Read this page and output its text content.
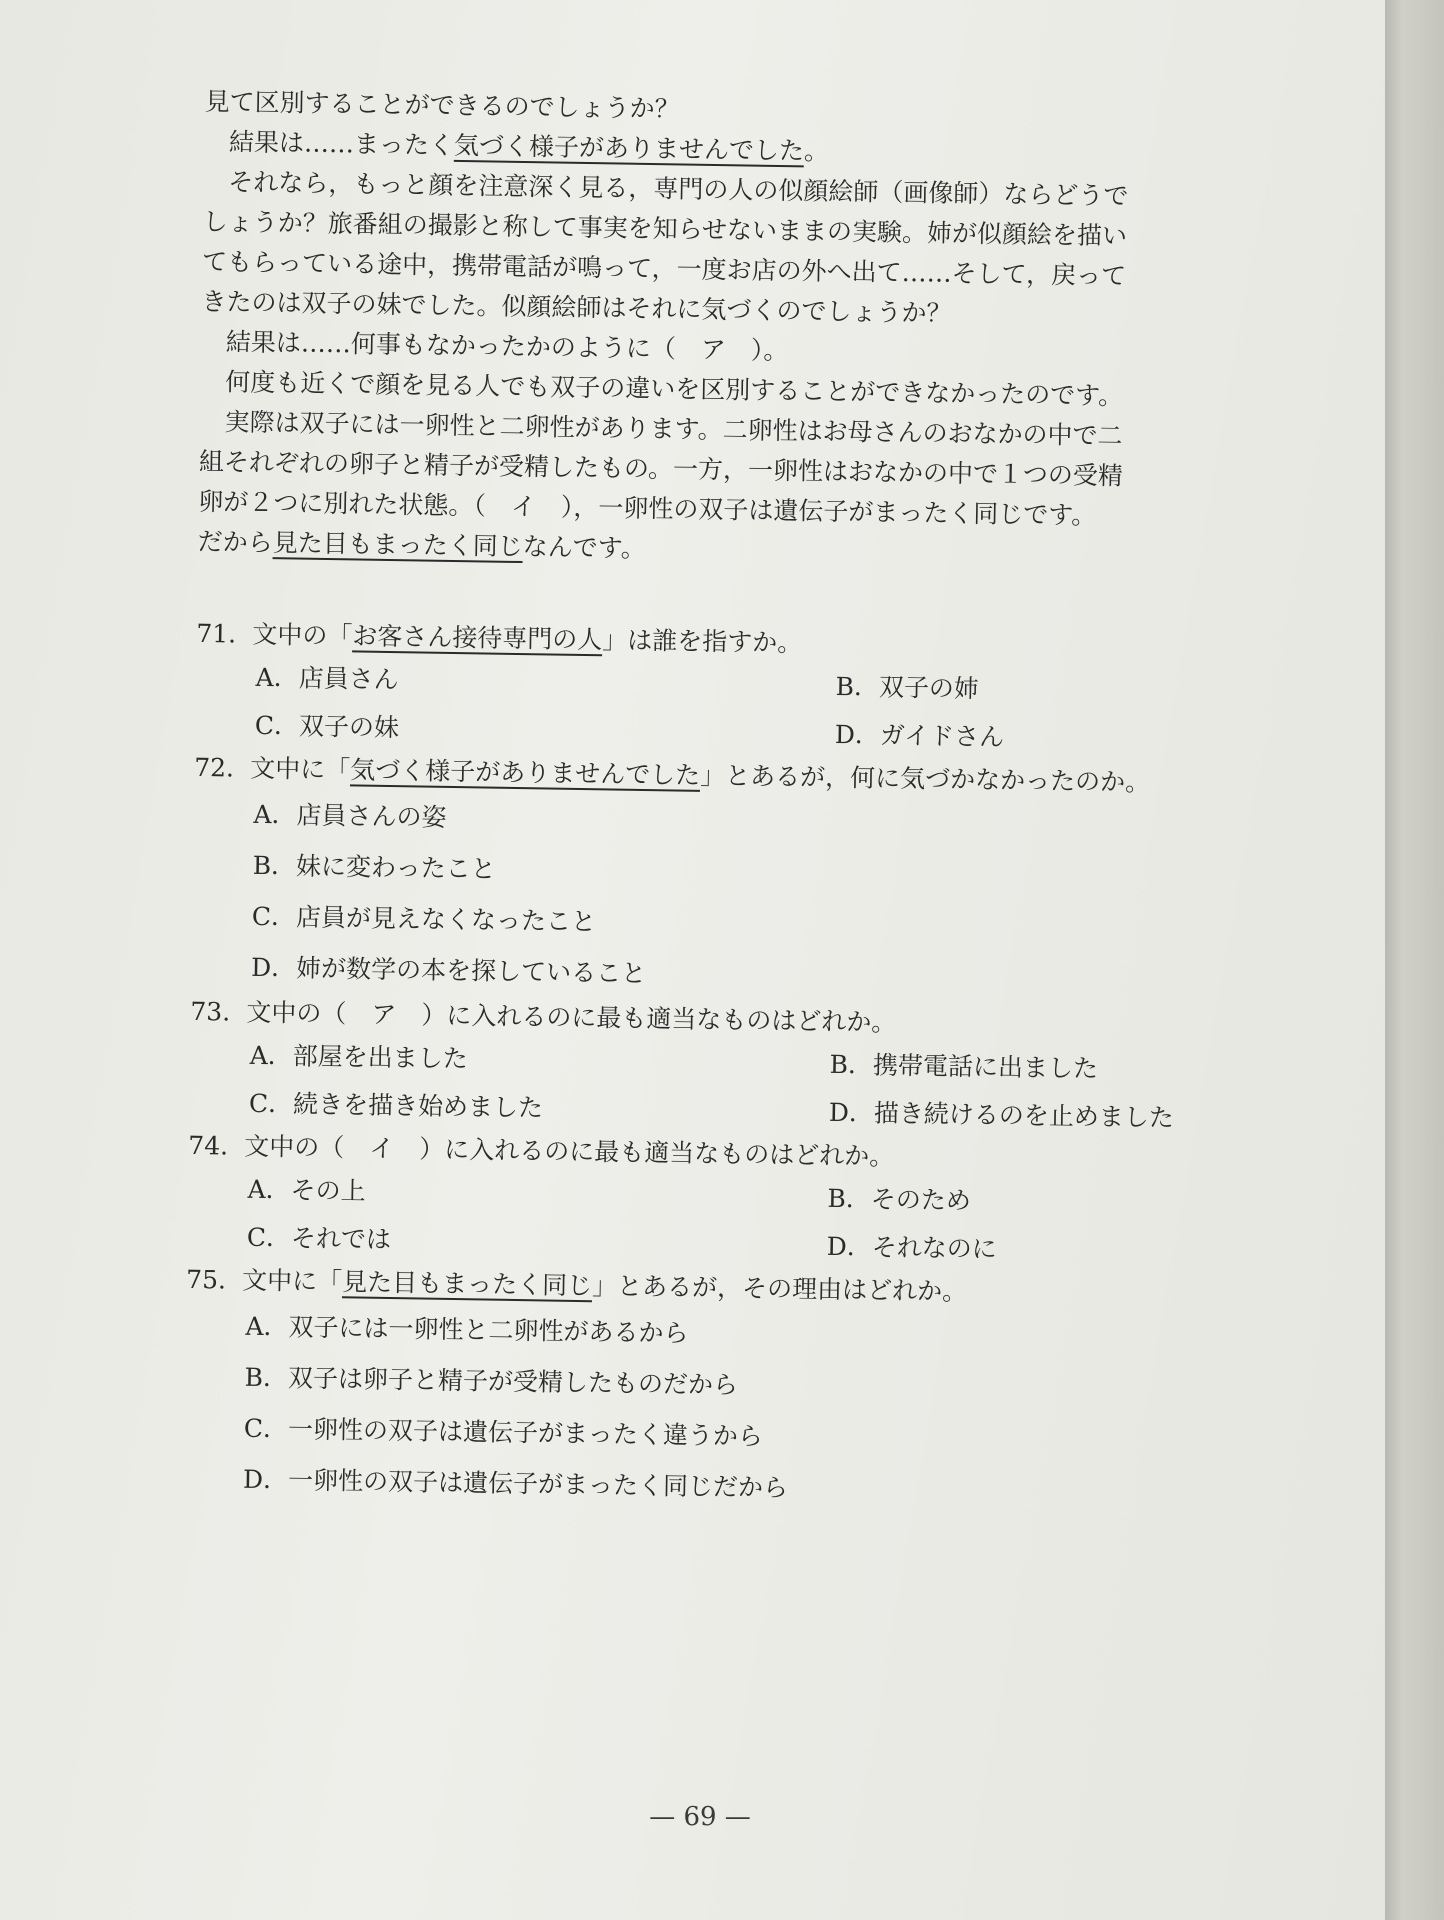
見て区別することができるのでしょうか？

結果は……まったく気づく様子がありませんでした。

それなら，もっと顔を注意深く見る，専門の人の似顔絵師（画像師）ならどうで

しょうか？旅番組の撮影と称して事実を知らせないままの実験。姉が似顔絵を描い

てもらっている途中，携帯電話が鳴って，一度お店の外へ出て……そして，戻って

きたのは双子の妹でした。似顔絵師はそれに気づくのでしょうか？

結果は……何事もなかったかのように（　ア　）。

何度も近くで顔を見る人でも双子の違いを区別することができなかったのです。

実際は双子には一卵性と二卵性があります。二卵性はお母さんのおなかの中で二

組それぞれの卵子と精子が受精したもの。一方，一卵性はおなかの中で１つの受精

卵が２つに別れた状態。（　イ　），一卵性の双子は遺伝子がまったく同じです。

だから見た目もまったく同じなんです。

71. 文中の「お客さん接待専門の人」は誰を指すか。

A．店員さん	B．双子の姉
C．双子の妹	D．ガイドさん

72. 文中に「気づく様子がありませんでした」とあるが，何に気づかなかったのか。

A．店員さんの姿
B．妹に変わったこと
C．店員が見えなくなったこと
D．姉が数学の本を探していること

73. 文中の（　ア　）に入れるのに最も適当なものはどれか。

A．部屋を出ました	B．携帯電話に出ました
C．続きを描き始めました	D．描き続けるのを止めました

74. 文中の（　イ　）に入れるのに最も適当なものはどれか。

A．その上	B．そのため
C．それでは	D．それなのに

75. 文中に「見た目もまったく同じ」とあるが，その理由はどれか。

A．双子には一卵性と二卵性があるから
B．双子は卵子と精子が受精したものだから
C．一卵性の双子は遺伝子がまったく違うから
D．一卵性の双子は遺伝子がまったく同じだから
— 69 —
